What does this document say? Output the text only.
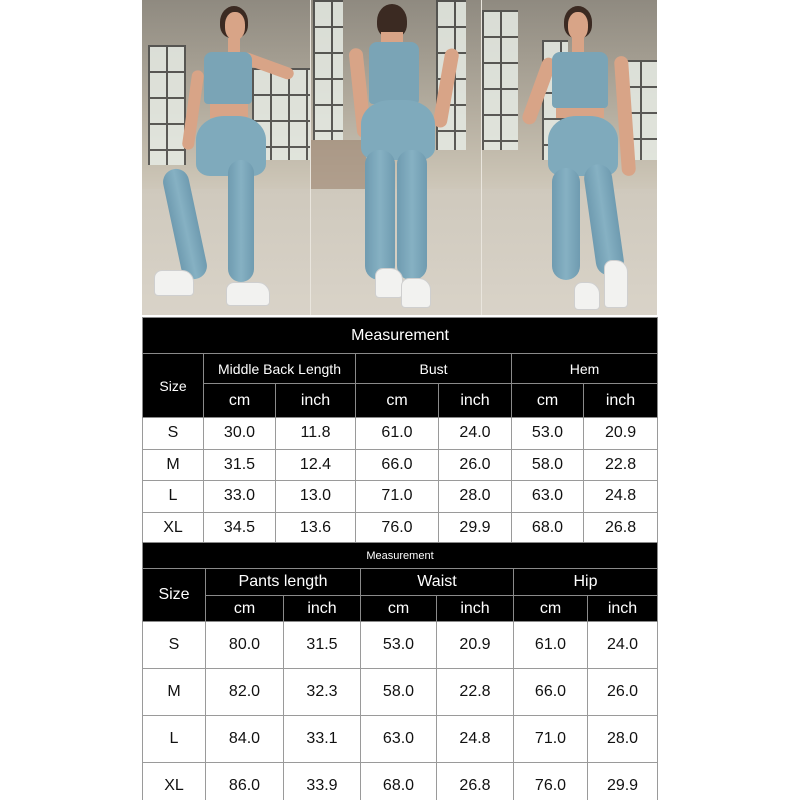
Measurement						
Size	Middle Back Length		Bust		Hem	
	cm	inch	cm	inch	cm	inch
S	30.0	11.8	61.0	24.0	53.0	20.9
M	31.5	12.4	66.0	26.0	58.0	22.8
L	33.0	13.0	71.0	28.0	63.0	24.8
XL	34.5	13.6	76.0	29.9	68.0	26.8
Measurement						
Size	Pants length		Waist		Hip	
	cm	inch	cm	inch	cm	inch
S	80.0	31.5	53.0	20.9	61.0	24.0
M	82.0	32.3	58.0	22.8	66.0	26.0
L	84.0	33.1	63.0	24.8	71.0	28.0
XL	86.0	33.9	68.0	26.8	76.0	29.9
